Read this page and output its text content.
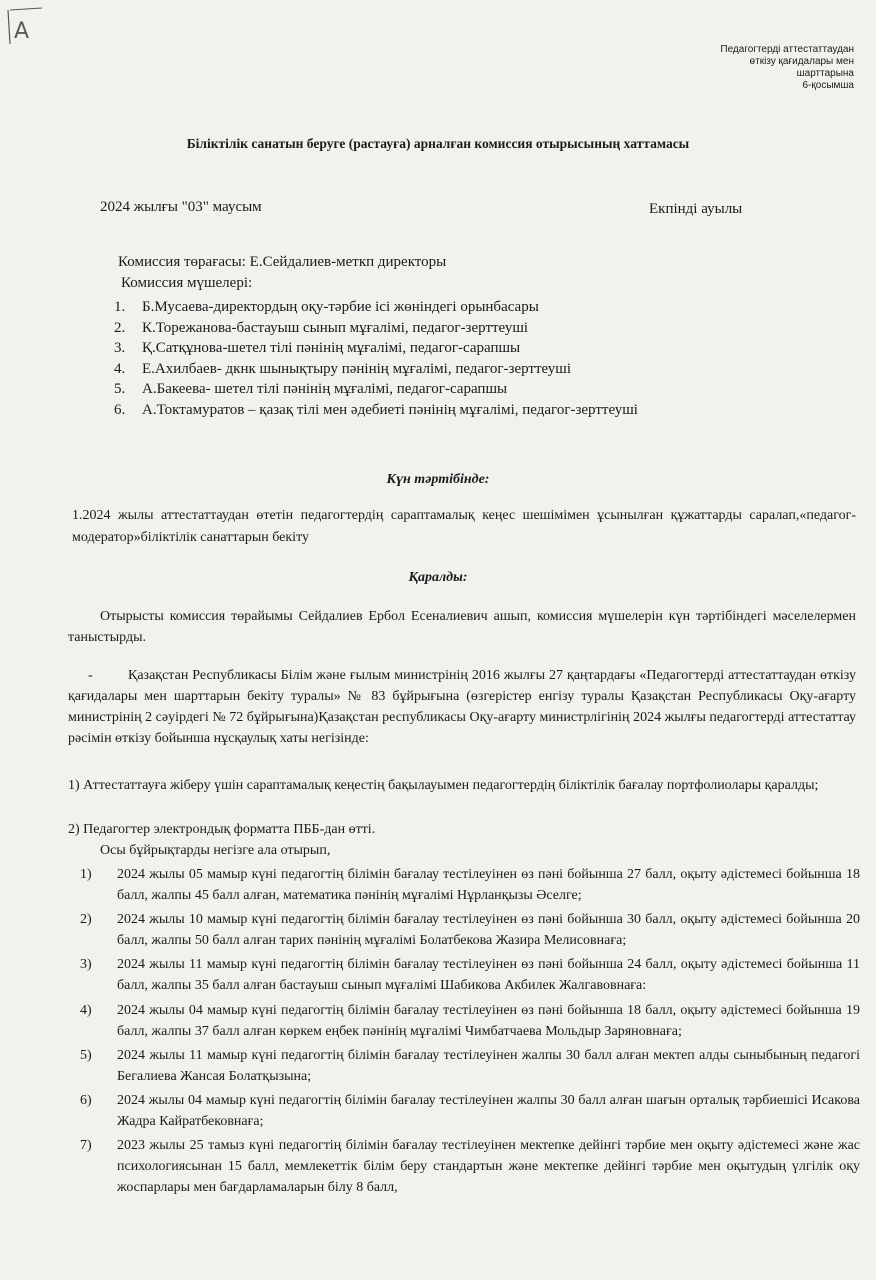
A
Педагогтерді аттестаттаудан
өткізу қағидалары мен
шарттарына
6-қосымша
Біліктілік санатын беруге (растауға) арналған комиссия отырысының хаттамасы
2024 жылғы "03" маусым	Екпінді ауылы
Комиссия төрағасы: Е.Сейдалиев-меткп директоры
Комиссия мүшелері:
1.	Б.Мусаева-директордың оқу-тәрбие ісі жөніндегі орынбасары
2.	К.Торежанова-бастауыш сынып мұғалімі, педагог-зерттеуші
3.	Қ.Сатқұнова-шетел тілі пәнінің мұғалімі, педагог-сарапшы
4.	Е.Ахилбаев- дкнк шынықтыру пәнінің мұғалімі, педагог-зерттеуші
5.	А.Бакеева- шетел тілі пәнінің мұғалімі, педагог-сарапшы
6.	А.Токтамуратов – қазақ тілі мен әдебиеті пәнінің мұғалімі, педагог-зерттеуші
Күн тәртібінде:

1.2024 жылы аттестаттаудан өтетін педагогтердің сараптамалық кеңес шешімімен ұсынылған құжаттарды саралап,«педагог-модератор»біліктілік санаттарын бекіту

Қаралды:

Отырысты комиссия төрайымы Сейдалиев Ербол Есеналиевич ашып, комиссия мүшелерін күн тәртібіндегі мәселелермен таныстырды.

-	Қазақстан Республикасы Білім және ғылым министрінің 2016 жылғы 27 қаңтардағы «Педагогтерді аттестаттаудан өткізу қағидалары мен шарттарын бекіту туралы» № 83 бұйрығына (өзгерістер енгізу туралы Қазақстан Республикасы Оқу-ағарту министрінің 2 сәуірдегі № 72 бұйрығына)Қазақстан республикасы Оқу-ағарту министрлігінің 2024 жылғы педагогтерді аттестаттау рәсімін өткізу бойынша нұсқаулық хаты негізінде:

1) Аттестаттауға жіберу үшін сараптамалық кеңестің бақылауымен педагогтердің біліктілік бағалау портфолиолары қаралды;

2) Педагогтер электрондық форматта ПББ-дан өтті.

Осы бұйрықтарды негізге ала отырып,

1)	2024 жылы 05 мамыр күні педагогтің білімін бағалау тестілеуінен өз пәні бойынша 27 балл, оқыту әдістемесі бойынша 18 балл, жалпы 45 балл алған, математика пәнінің мұғалімі Нұрланқызы Әселге;
2)	2024 жылы 10 мамыр күні педагогтің білімін бағалау тестілеуінен өз пәні бойынша 30 балл, оқыту әдістемесі бойынша 20 балл, жалпы 50 балл алған тарих пәнінің мұғалімі Болатбекова Жазира Мелисовнаға;
3)	2024 жылы 11 мамыр күні педагогтің білімін бағалау тестілеуінен өз пәні бойынша 24 балл, оқыту әдістемесі бойынша 11 балл, жалпы 35 балл алған бастауыш сынып мұғалімі Шабикова Акбилек Жалгавовнаға:
4)	2024 жылы 04 мамыр күні педагогтің білімін бағалау тестілеуінен өз пәні бойынша 18 балл, оқыту әдістемесі бойынша 19 балл, жалпы 37 балл алған көркем еңбек пәнінің мұғалімі Чимбатчаева Мольдыр Заряновнаға;
5)	2024 жылы 11 мамыр күні педагогтің білімін бағалау тестілеуінен жалпы 30 балл алған мектеп алды сыныбының педагогі Бегалиева Жансая Болатқызына;
6)	2024 жылы 04 мамыр күні педагогтің білімін бағалау тестілеуінен жалпы 30 балл алған шағын орталық тәрбиешісі Исакова Жадра Кайратбековнаға;
7)	2023 жылы 25 тамыз күні педагогтің білімін бағалау тестілеуінен мектепке дейінгі тәрбие мен оқыту әдістемесі және жас психологиясынан 15 балл, мемлекеттік білім беру стандартын және мектепке дейінгі тәрбие мен оқытудың үлгілік оқу жоспарлары мен бағдарламаларын білу 8 балл,
